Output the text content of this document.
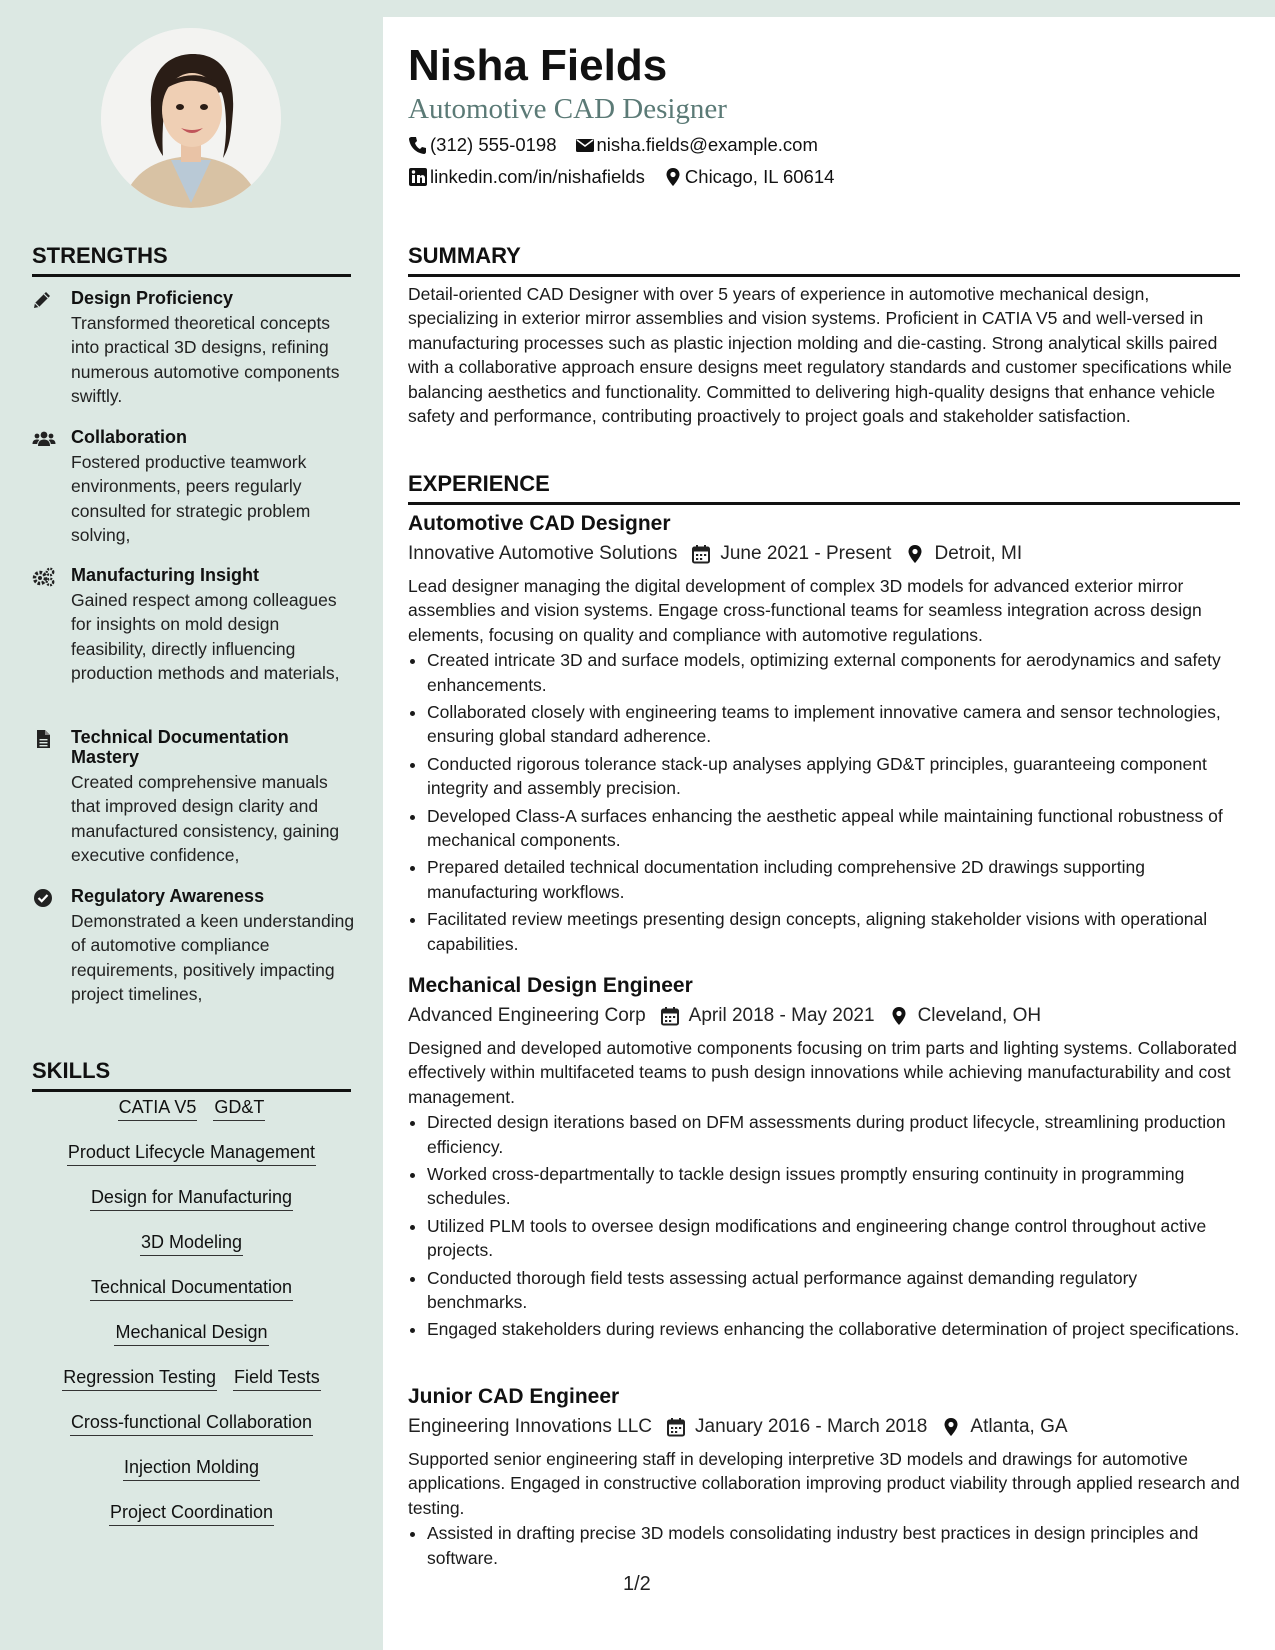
Nisha Fields
Automotive CAD Designer
(312) 555-0198 nisha.fields@example.com
linkedin.com/in/nishafields Chicago, IL 60614
STRENGTHS
Design Proficiency
Transformed theoretical concepts into practical 3D designs, refining numerous automotive components swiftly.
Collaboration
Fostered productive teamwork environments, peers regularly consulted for strategic problem solving,
Manufacturing Insight
Gained respect among colleagues for insights on mold design feasibility, directly influencing production methods and materials,
Technical Documentation Mastery
Created comprehensive manuals that improved design clarity and manufactured consistency, gaining executive confidence,
Regulatory Awareness
Demonstrated a keen understanding of automotive compliance requirements, positively impacting project timelines,
SKILLS
CATIA V5 GD&T
Product Lifecycle Management
Design for Manufacturing
3D Modeling
Technical Documentation
Mechanical Design
Regression Testing Field Tests
Cross-functional Collaboration
Injection Molding
Project Coordination
SUMMARY
Detail-oriented CAD Designer with over 5 years of experience in automotive mechanical design, specializing in exterior mirror assemblies and vision systems. Proficient in CATIA V5 and well-versed in manufacturing processes such as plastic injection molding and die-casting. Strong analytical skills paired with a collaborative approach ensure designs meet regulatory standards and customer specifications while balancing aesthetics and functionality. Committed to delivering high-quality designs that enhance vehicle safety and performance, contributing proactively to project goals and stakeholder satisfaction.
EXPERIENCE
Automotive CAD Designer
Innovative Automotive Solutions June 2021 - Present Detroit, MI
Lead designer managing the digital development of complex 3D models for advanced exterior mirror assemblies and vision systems. Engage cross-functional teams for seamless integration across design elements, focusing on quality and compliance with automotive regulations.
• Created intricate 3D and surface models, optimizing external components for aerodynamics and safety enhancements.
• Collaborated closely with engineering teams to implement innovative camera and sensor technologies, ensuring global standard adherence.
• Conducted rigorous tolerance stack-up analyses applying GD&T principles, guaranteeing component integrity and assembly precision.
• Developed Class-A surfaces enhancing the aesthetic appeal while maintaining functional robustness of mechanical components.
• Prepared detailed technical documentation including comprehensive 2D drawings supporting manufacturing workflows.
• Facilitated review meetings presenting design concepts, aligning stakeholder visions with operational capabilities.
Mechanical Design Engineer
Advanced Engineering Corp April 2018 - May 2021 Cleveland, OH
Designed and developed automotive components focusing on trim parts and lighting systems. Collaborated effectively within multifaceted teams to push design innovations while achieving manufacturability and cost management.
• Directed design iterations based on DFM assessments during product lifecycle, streamlining production efficiency.
• Worked cross-departmentally to tackle design issues promptly ensuring continuity in programming schedules.
• Utilized PLM tools to oversee design modifications and engineering change control throughout active projects.
• Conducted thorough field tests assessing actual performance against demanding regulatory benchmarks.
• Engaged stakeholders during reviews enhancing the collaborative determination of project specifications.
Junior CAD Engineer
Engineering Innovations LLC January 2016 - March 2018 Atlanta, GA
Supported senior engineering staff in developing interpretive 3D models and drawings for automotive applications. Engaged in constructive collaboration improving product viability through applied research and testing.
• Assisted in drafting precise 3D models consolidating industry best practices in design principles and software.
1/2
